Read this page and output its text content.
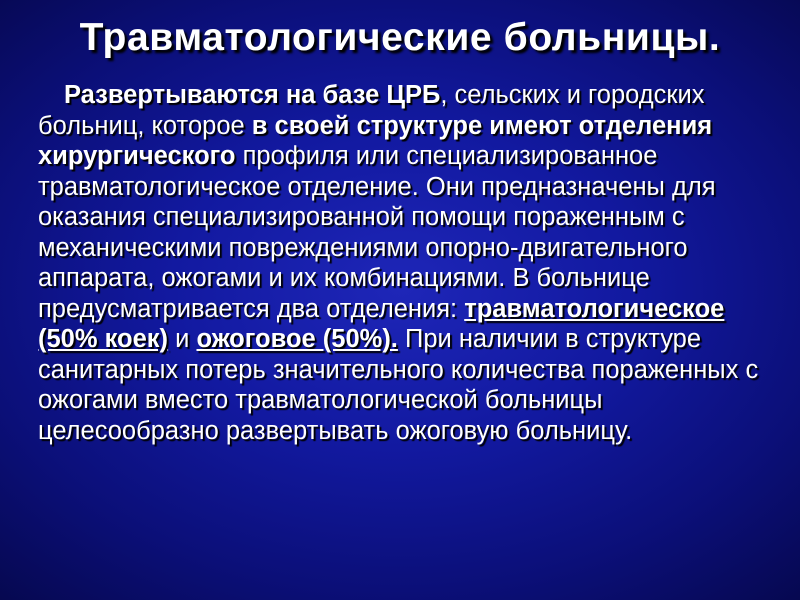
Травматологические больницы.

Развертываются на базе ЦРБ, сельских и городских больниц, которое в своей структуре имеют отделения хирургического профиля или специализированное травматологическое отделение. Они предназначены для оказания специализированной помощи пораженным с механическими повреждениями опорно-двигательного аппарата, ожогами и их комбинациями. В больнице предусматривается два отделения: травматологическое (50% коек) и ожоговое (50%). При наличии в структуре санитарных потерь значительного количества пораженных с ожогами вместо травматологической больницы целесообразно развертывать ожоговую больницу.
